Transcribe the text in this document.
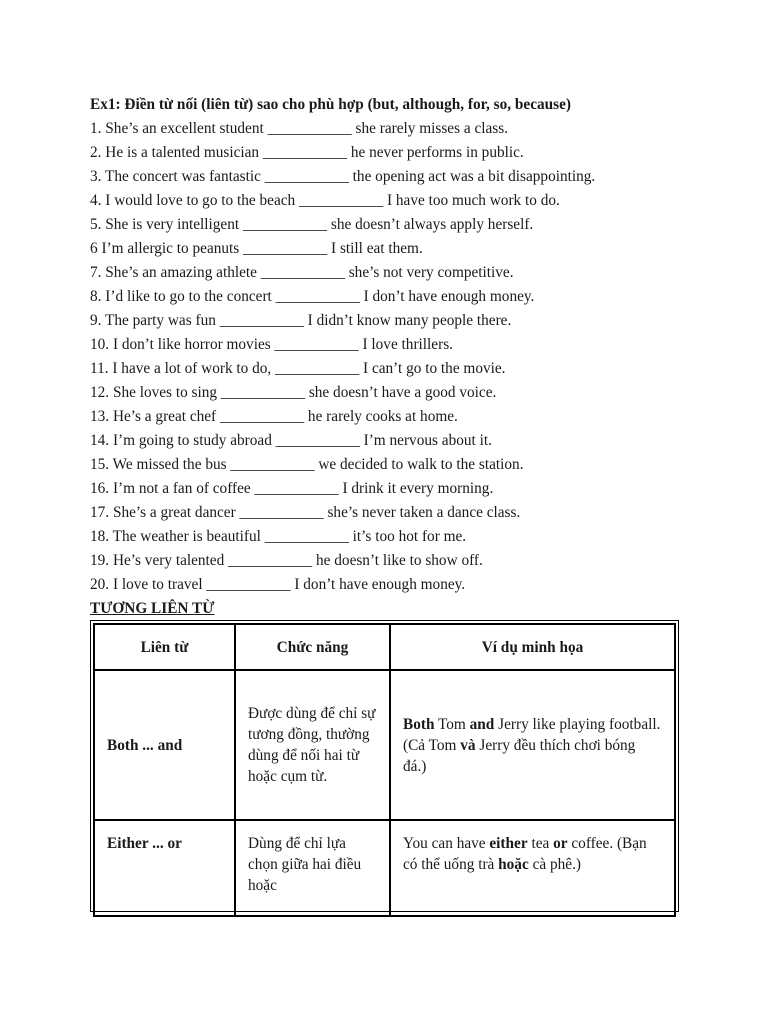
Ex1: Điền từ nối (liên từ) sao cho phù hợp (but, although, for, so, because)
1. She’s an excellent student ___________ she rarely misses a class.
2. He is a talented musician ___________ he never performs in public.
3. The concert was fantastic ___________ the opening act was a bit disappointing.
4. I would love to go to the beach ___________ I have too much work to do.
5. She is very intelligent ___________ she doesn’t always apply herself.
6 I’m allergic to peanuts ___________ I still eat them.
7. She’s an amazing athlete ___________ she’s not very competitive.
8. I’d like to go to the concert ___________ I don’t have enough money.
9. The party was fun ___________ I didn’t know many people there.
10. I don’t like horror movies ___________ I love thrillers.
11. I have a lot of work to do, ___________ I can’t go to the movie.
12. She loves to sing ___________ she doesn’t have a good voice.
13. He’s a great chef ___________ he rarely cooks at home.
14. I’m going to study abroad ___________ I’m nervous about it.
15. We missed the bus ___________ we decided to walk to the station.
16. I’m not a fan of coffee ___________ I drink it every morning.
17. She’s a great dancer ___________ she’s never taken a dance class.
18. The weather is beautiful ___________ it’s too hot for me.
19. He’s very talented ___________ he doesn’t like to show off.
20. I love to travel ___________ I don’t have enough money.
TƯƠNG LIÊN TỪ
Liên từ	Chức năng	Ví dụ minh họa
Both ... and	Được dùng để chỉ sự tương đồng, thường dùng để nối hai từ hoặc cụm từ.	Both Tom and Jerry like playing football. (Cả Tom và Jerry đều thích chơi bóng đá.)
Either ... or	Dùng để chỉ lựa chọn giữa hai điều hoặc	You can have either tea or coffee. (Bạn có thể uống trà hoặc cà phê.)
